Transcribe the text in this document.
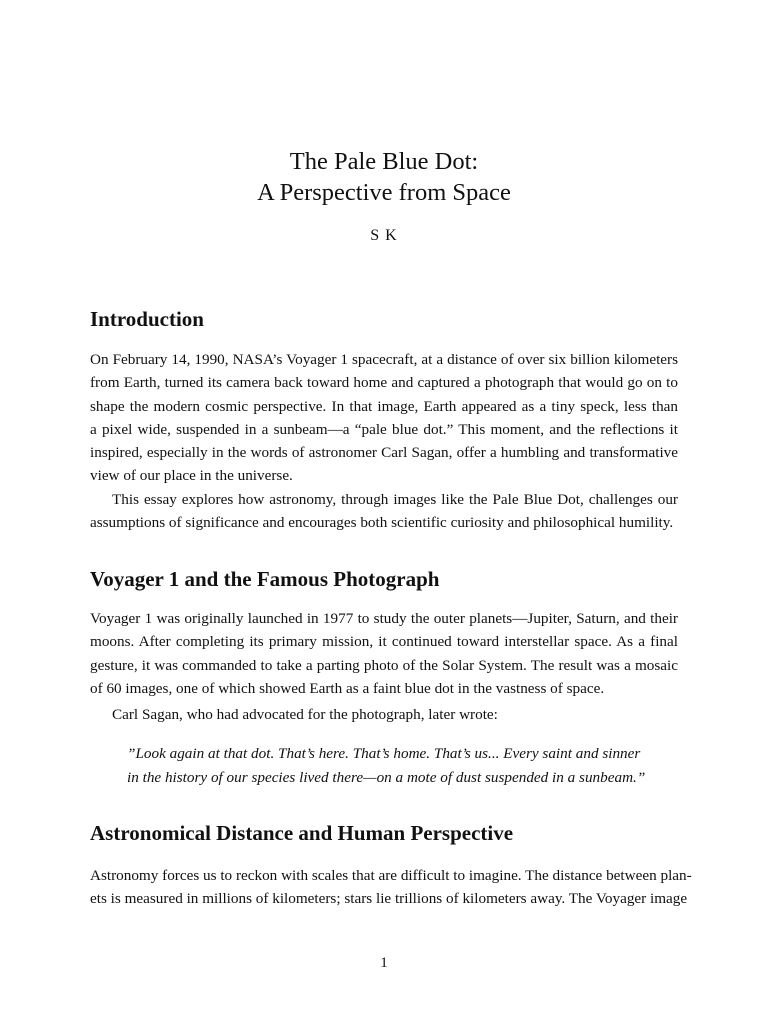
The Pale Blue Dot:

A Perspective from Space

S K
Introduction
On February 14, 1990, NASA’s Voyager 1 spacecraft, at a distance of over six billion kilometers
from Earth, turned its camera back toward home and captured a photograph that would go on to
shape the modern cosmic perspective. In that image, Earth appeared as a tiny speck, less than
a pixel wide, suspended in a sunbeam—a “pale blue dot.” This moment, and the reflections it
inspired, especially in the words of astronomer Carl Sagan, offer a humbling and transformative
view of our place in the universe.
This essay explores how astronomy, through images like the Pale Blue Dot, challenges our
assumptions of significance and encourages both scientific curiosity and philosophical humility.
Voyager 1 and the Famous Photograph
Voyager 1 was originally launched in 1977 to study the outer planets—Jupiter, Saturn, and their
moons. After completing its primary mission, it continued toward interstellar space. As a final
gesture, it was commanded to take a parting photo of the Solar System. The result was a mosaic
of 60 images, one of which showed Earth as a faint blue dot in the vastness of space.
Carl Sagan, who had advocated for the photograph, later wrote:
”Look again at that dot. That’s here. That’s home. That’s us... Every saint and sinner
in the history of our species lived there—on a mote of dust suspended in a sunbeam.”
Astronomical Distance and Human Perspective
Astronomy forces us to reckon with scales that are difficult to imagine. The distance between plan-
ets is measured in millions of kilometers; stars lie trillions of kilometers away. The Voyager image
1
